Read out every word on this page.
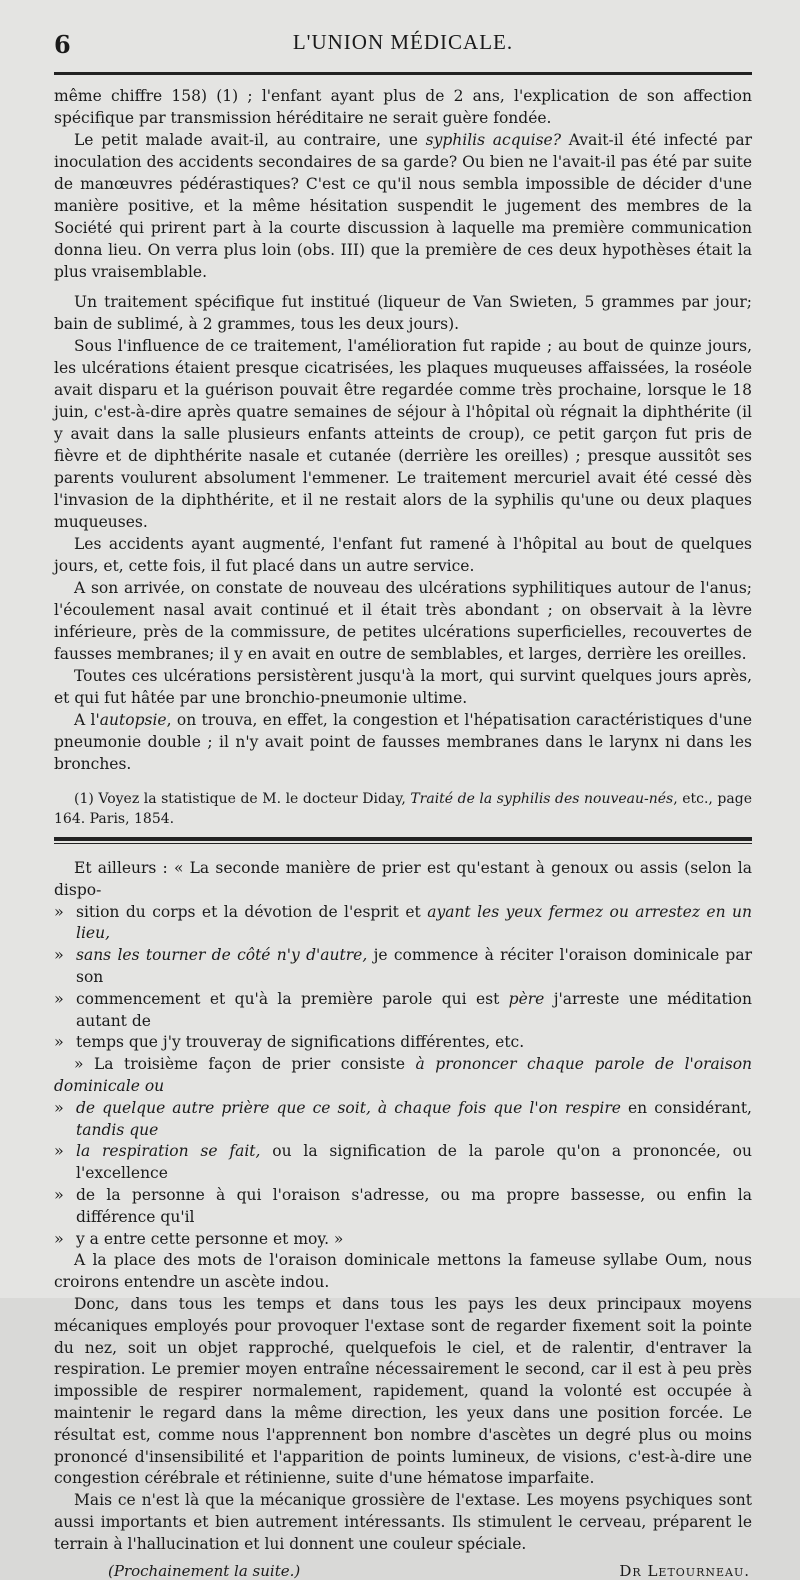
6	L'UNION MÉDICALE.

même chiffre 158) (1) ; l'enfant ayant plus de 2 ans, l'explication de son affection spécifique par transmission héréditaire ne serait guère fondée.

Le petit malade avait-il, au contraire, une syphilis acquise? Avait-il été infecté par inoculation des accidents secondaires de sa garde? Ou bien ne l'avait-il pas été par suite de manœuvres pédérastiques? C'est ce qu'il nous sembla impossible de décider d'une manière positive, et la même hésitation suspendit le jugement des membres de la Société qui prirent part à la courte discussion à laquelle ma première communication donna lieu. On verra plus loin (obs. III) que la première de ces deux hypothèses était la plus vraisemblable.

Un traitement spécifique fut institué (liqueur de Van Swieten, 5 grammes par jour; bain de sublimé, à 2 grammes, tous les deux jours).

Sous l'influence de ce traitement, l'amélioration fut rapide ; au bout de quinze jours, les ulcérations étaient presque cicatrisées, les plaques muqueuses affaissées, la roséole avait disparu et la guérison pouvait être regardée comme très prochaine, lorsque le 18 juin, c'est-à-dire après quatre semaines de séjour à l'hôpital où régnait la diphthérite (il y avait dans la salle plusieurs enfants atteints de croup), ce petit garçon fut pris de fièvre et de diphthérite nasale et cutanée (derrière les oreilles) ; presque aussitôt ses parents voulurent absolument l'emmener. Le traitement mercuriel avait été cessé dès l'invasion de la diphthérite, et il ne restait alors de la syphilis qu'une ou deux plaques muqueuses.

Les accidents ayant augmenté, l'enfant fut ramené à l'hôpital au bout de quelques jours, et, cette fois, il fut placé dans un autre service.

A son arrivée, on constate de nouveau des ulcérations syphilitiques autour de l'anus; l'écoulement nasal avait continué et il était très abondant ; on observait à la lèvre inférieure, près de la commissure, de petites ulcérations superficielles, recouvertes de fausses membranes; il y en avait en outre de semblables, et larges, derrière les oreilles.

Toutes ces ulcérations persistèrent jusqu'à la mort, qui survint quelques jours après, et qui fut hâtée par une bronchio-pneumonie ultime.

A l'autopsie, on trouva, en effet, la congestion et l'hépatisation caractéristiques d'une pneumonie double ; il n'y avait point de fausses membranes dans le larynx ni dans les bronches.

(1) Voyez la statistique de M. le docteur Diday, Traité de la syphilis des nouveau-nés, etc., page 164. Paris, 1854.

Et ailleurs : « La seconde manière de prier est qu'estant à genoux ou assis (selon la dispo-

» sition du corps et la dévotion de l'esprit et ayant les yeux fermez ou arrestez en un lieu,

» sans les tourner de côté n'y d'autre, je commence à réciter l'oraison dominicale par son

» commencement et qu'à la première parole qui est père j'arreste une méditation autant de

» temps que j'y trouveray de significations différentes, etc.

» La troisième façon de prier consiste à prononcer chaque parole de l'oraison dominicale ou

» de quelque autre prière que ce soit, à chaque fois que l'on respire en considérant, tandis que

» la respiration se fait, ou la signification de la parole qu'on a prononcée, ou l'excellence

» de la personne à qui l'oraison s'adresse, ou ma propre bassesse, ou enfin la différence qu'il

» y a entre cette personne et moy. »

A la place des mots de l'oraison dominicale mettons la fameuse syllabe Oum, nous croirons entendre un ascète indou.

Donc, dans tous les temps et dans tous les pays les deux principaux moyens mécaniques employés pour provoquer l'extase sont de regarder fixement soit la pointe du nez, soit un objet rapproché, quelquefois le ciel, et de ralentir, d'entraver la respiration. Le premier moyen entraîne nécessairement le second, car il est à peu près impossible de respirer normalement, rapidement, quand la volonté est occupée à maintenir le regard dans la même direction, les yeux dans une position forcée. Le résultat est, comme nous l'apprennent bon nombre d'ascètes un degré plus ou moins prononcé d'insensibilité et l'apparition de points lumineux, de visions, c'est-à-dire une congestion cérébrale et rétinienne, suite d'une hématose imparfaite.

Mais ce n'est là que la mécanique grossière de l'extase. Les moyens psychiques sont aussi importants et bien autrement intéressants. Ils stimulent le cerveau, préparent le terrain à l'hallucination et lui donnent une couleur spéciale.

(Prochainement la suite.)	Dr Letourneau.
